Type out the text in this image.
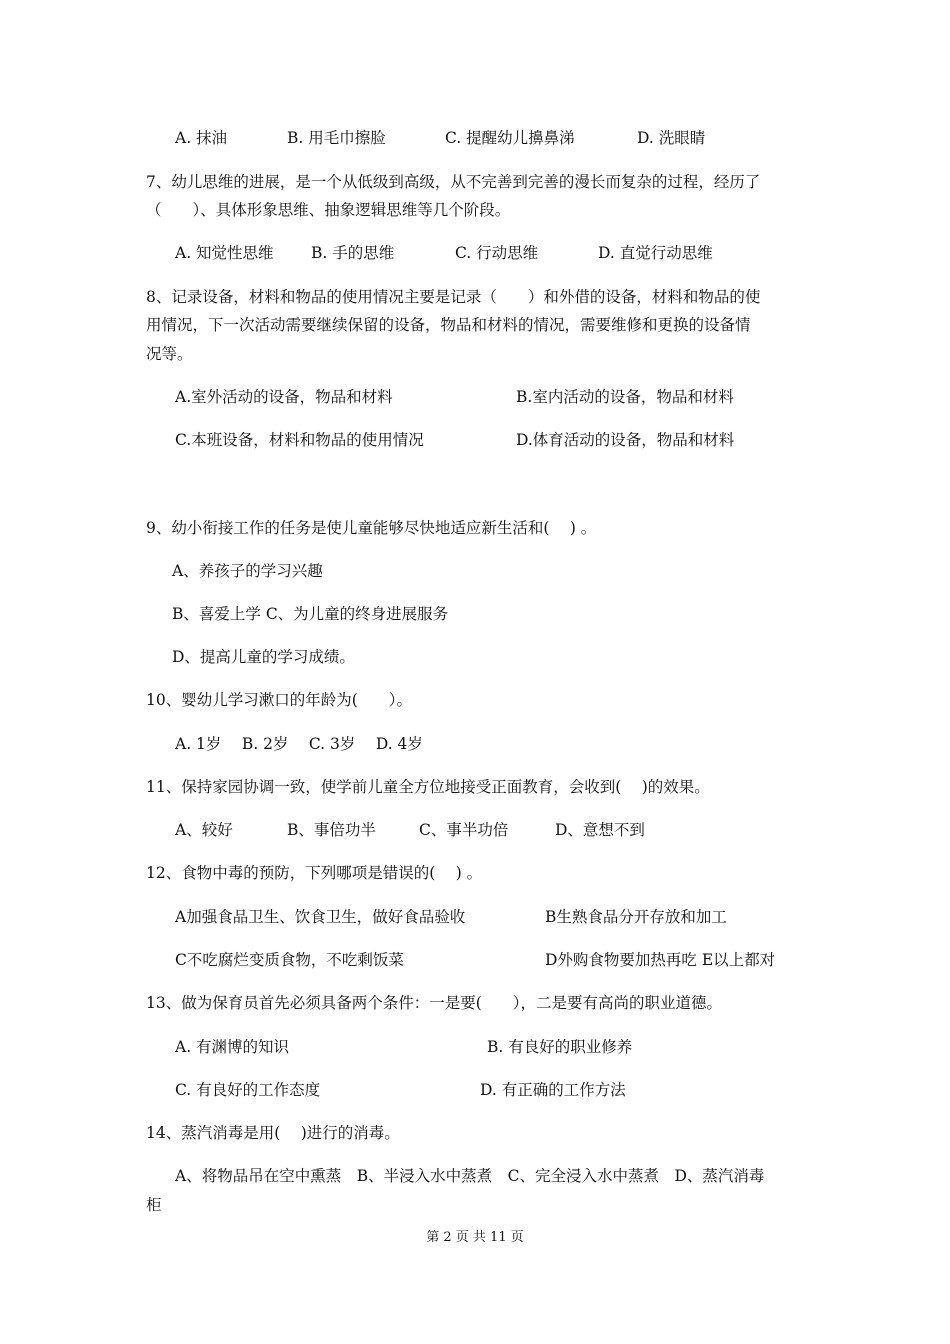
A. 抹油	B. 用毛巾擦脸	C. 提醒幼儿擤鼻涕	D. 洗眼睛
7、幼儿思维的进展，是一个从低级到高级，从不完善到完善的漫长而复杂的过程，经历了
（　　）、具体形象思维、抽象逻辑思维等几个阶段。
A. 知觉性思维 B. 手的思维	C. 行动思维	D. 直觉行动思维
8、记录设备，材料和物品的使用情况主要是记录（　　）和外借的设备，材料和物品的使
用情况，下一次活动需要继续保留的设备，物品和材料的情况，需要维修和更换的设备情
况等。
A.室外活动的设备，物品和材料	B.室内活动的设备，物品和材料
C.本班设备，材料和物品的使用情况	D.体育活动的设备，物品和材料
9、幼小衔接工作的任务是使儿童能够尽快地适应新生活和(　 ) 。
A、养孩子的学习兴趣
B、喜爱上学 C、为儿童的终身进展服务
D、提高儿童的学习成绩。
10、婴幼儿学习漱口的年龄为(　　）。
A. 1岁　 B. 2岁　 C. 3岁　 D. 4岁
11、保持家园协调一致，使学前儿童全方位地接受正面教育，会收到(　 )的效果。
A、较好	B、事倍功半	C、事半功倍	D、意想不到
12、食物中毒的预防，下列哪项是错误的(　 ) 。
A加强食品卫生、饮食卫生，做好食品验收	B生熟食品分开存放和加工
C不吃腐烂变质食物，不吃剩饭菜	D外购食物要加热再吃 E以上都对
13、做为保育员首先必须具备两个条件：一是要(　　），二是要有高尚的职业道德。
A. 有渊博的知识	B. 有良好的职业修养
C. 有良好的工作态度	D. 有正确的工作方法
14、蒸汽消毒是用(　 )进行的消毒。
A、将物品吊在空中熏蒸　B、半浸入水中蒸煮　C、完全浸入水中蒸煮　D、蒸汽消毒
柜
第 2 页 共 11 页
